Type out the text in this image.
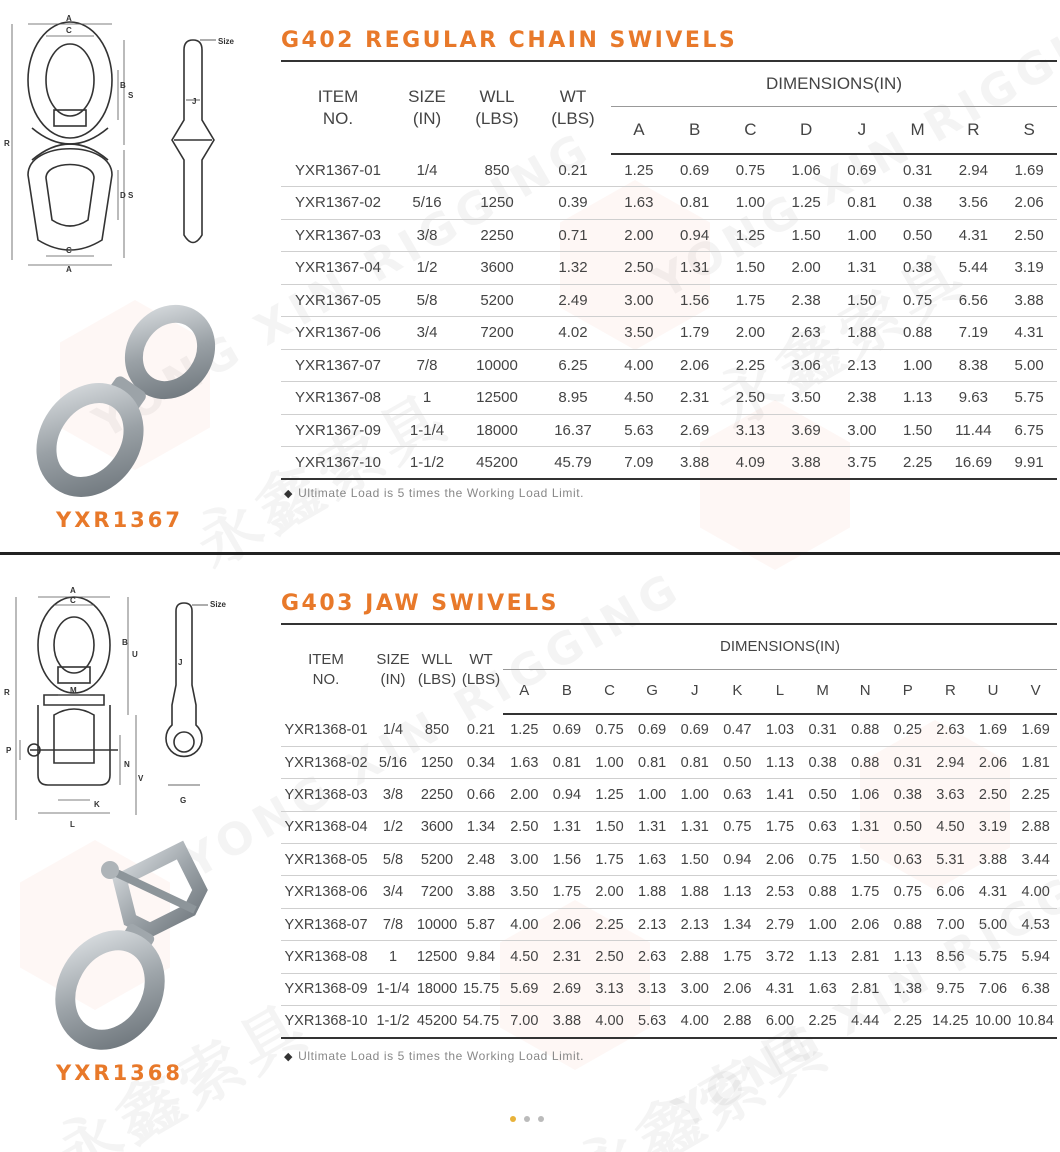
A
C
R
S
S
B
D
C
A
J
Size
YXR1367
G402 REGULAR CHAIN SWIVELS
ITEM
NO.	SIZE
(IN)	WLL
(LBS)	WT
(LBS)	DIMENSIONS(IN)							
				A	B	C	D	J	M	R	S
YXR1367-01	1/4	850	0.21	1.25	0.69	0.75	1.06	0.69	0.31	2.94	1.69
YXR1367-02	5/16	1250	0.39	1.63	0.81	1.00	1.25	0.81	0.38	3.56	2.06
YXR1367-03	3/8	2250	0.71	2.00	0.94	1.25	1.50	1.00	0.50	4.31	2.50
YXR1367-04	1/2	3600	1.32	2.50	1.31	1.50	2.00	1.31	0.38	5.44	3.19
YXR1367-05	5/8	5200	2.49	3.00	1.56	1.75	2.38	1.50	0.75	6.56	3.88
YXR1367-06	3/4	7200	4.02	3.50	1.79	2.00	2.63	1.88	0.88	7.19	4.31
YXR1367-07	7/8	10000	6.25	4.00	2.06	2.25	3.06	2.13	1.00	8.38	5.00
YXR1367-08	1	12500	8.95	4.50	2.31	2.50	3.50	2.38	1.13	9.63	5.75
YXR1367-09	1-1/4	18000	16.37	5.63	2.69	3.13	3.69	3.00	1.50	11.44	6.75
YXR1367-10	1-1/2	45200	45.79	7.09	3.88	4.09	3.88	3.75	2.25	16.69	9.91
◆ Ultimate Load is 5 times the Working Load Limit.
A
C
B
U
R	M
N
V
P
K
L
J
G
Size
YXR1368
G403 JAW SWIVELS
ITEM
NO.	SIZE
(IN)	WLL
(LBS)	WT
(LBS)	DIMENSIONS(IN)												
				A	B	C	G	J	K	L	M	N	P	R	U	V
YXR1368-01	1/4	850	0.21	1.25	0.69	0.75	0.69	0.69	0.47	1.03	0.31	0.88	0.25	2.63	1.69	1.69
YXR1368-02	5/16	1250	0.34	1.63	0.81	1.00	0.81	0.81	0.50	1.13	0.38	0.88	0.31	2.94	2.06	1.81
YXR1368-03	3/8	2250	0.66	2.00	0.94	1.25	1.00	1.00	0.63	1.41	0.50	1.06	0.38	3.63	2.50	2.25
YXR1368-04	1/2	3600	1.34	2.50	1.31	1.50	1.31	1.31	0.75	1.75	0.63	1.31	0.50	4.50	3.19	2.88
YXR1368-05	5/8	5200	2.48	3.00	1.56	1.75	1.63	1.50	0.94	2.06	0.75	1.50	0.63	5.31	3.88	3.44
YXR1368-06	3/4	7200	3.88	3.50	1.75	2.00	1.88	1.88	1.13	2.53	0.88	1.75	0.75	6.06	4.31	4.00
YXR1368-07	7/8	10000	5.87	4.00	2.06	2.25	2.13	2.13	1.34	2.79	1.00	2.06	0.88	7.00	5.00	4.53
YXR1368-08	1	12500	9.84	4.50	2.31	2.50	2.63	2.88	1.75	3.72	1.13	2.81	1.13	8.56	5.75	5.94
YXR1368-09	1-1/4	18000	15.75	5.69	2.69	3.13	3.13	3.00	2.06	4.31	1.63	2.81	1.38	9.75	7.06	6.38
YXR1368-10	1-1/2	45200	54.75	7.00	3.88	4.00	5.63	4.00	2.88	6.00	2.25	4.44	2.25	14.25	10.00	10.84
◆ Ultimate Load is 5 times the Working Load Limit.
